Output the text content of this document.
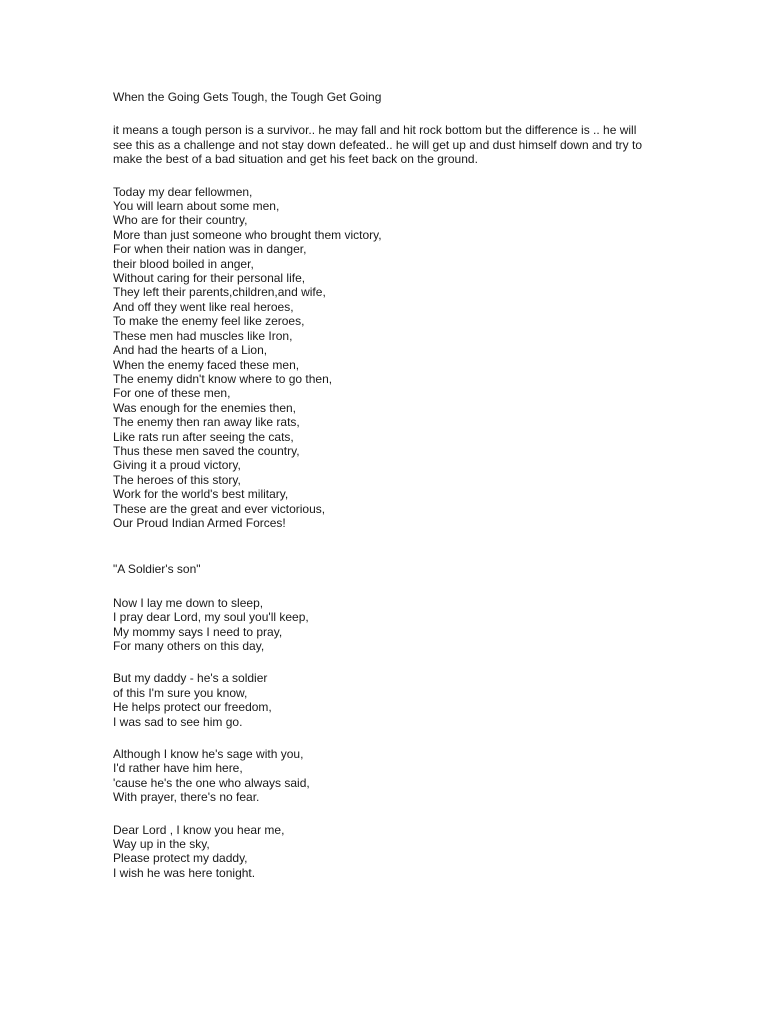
When the Going Gets Tough, the Tough Get Going
it means a tough person is a survivor.. he may fall and hit rock bottom but the difference is .. he will see this as a challenge and not stay down defeated.. he will get up and dust himself down and try to make the best of a bad situation and get his feet back on the ground.
Today my dear fellowmen,
You will learn about some men,
Who are for their country,
More than just someone who brought them victory,
For when their nation was in danger,
their blood boiled in anger,
Without caring for their personal life,
They left their parents,children,and wife,
And off they went like real heroes,
To make the enemy feel like zeroes,
These men had muscles like Iron,
And had the hearts of a Lion,
When the enemy faced these men,
The enemy didn't know where to go then,
For one of these men,
Was enough for the enemies then,
The enemy then ran away like rats,
Like rats run after seeing the cats,
Thus these men saved the country,
Giving it a proud victory,
The heroes of this story,
Work for the world's best military,
These are the great and ever victorious,
Our Proud Indian Armed Forces!
"A Soldier's son"
Now I lay me down to sleep,
I pray dear Lord, my soul you'll keep,
My mommy says I need to pray,
For many others on this day,
But my daddy - he's a soldier
of this I'm sure you know,
He helps protect our freedom,
I was sad to see him go.
Although I know he's sage with you,
I'd rather have him here,
'cause he's the one who always said,
With prayer, there's no fear.
Dear Lord , I know you hear me,
Way up in the sky,
Please protect my daddy,
I wish he was here tonight.
